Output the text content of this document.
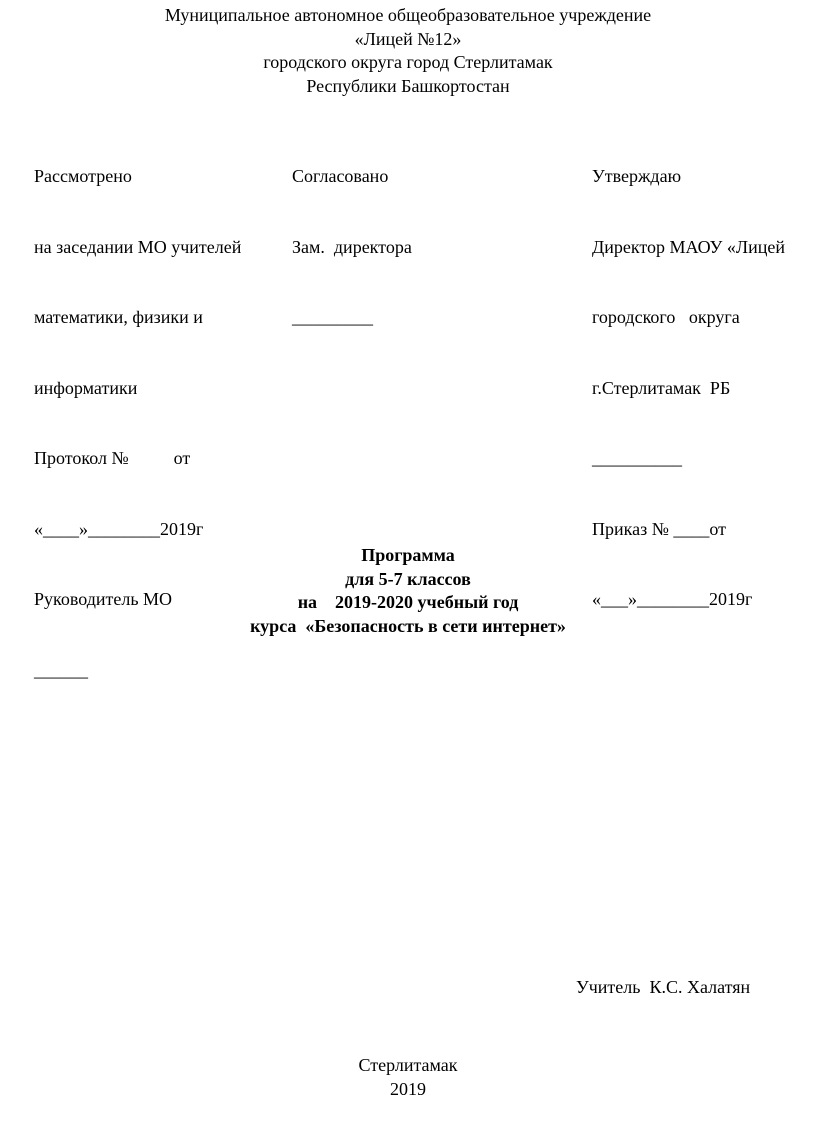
Муниципальное автономное общеобразовательное учреждение
«Лицей №12»
городского округа город Стерлитамак
Республики Башкортостан

Рассмотрено

на заседании МО учителей

математики, физики и

информатики

Протокол №          от

«____»________2019г

Руководитель МО

______

Согласовано

Зам.  директора

_________

Утверждаю

Директор МАОУ «Лицей

городского   округа

г.Стерлитамак  РБ

__________

Приказ № ____от

«___»________2019г

Программа
для 5-7 классов
на    2019-2020 учебный год
курса  «Безопасность в сети интернет»
Учитель  К.С. Халатян
Стерлитамак
2019
